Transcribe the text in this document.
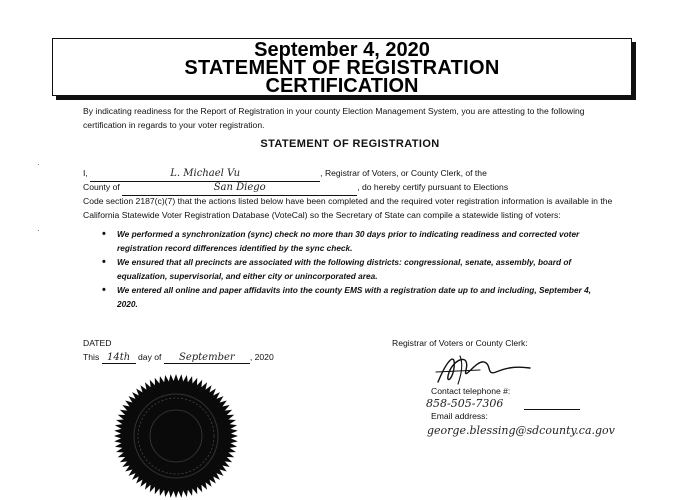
September 4, 2020
STATEMENT OF REGISTRATION
CERTIFICATION
By indicating readiness for the Report of Registration in your county Election Management System, you are attesting to the following certification in regards to your voter registration.
STATEMENT OF REGISTRATION
I,	L. Michael Vu	, Registrar of Voters, or County Clerk, of the
County of	San Diego	, do hereby certify pursuant to Elections
Code section 2187(c)(7) that the actions listed below have been completed and the required voter registration information is available in the California Statewide Voter Registration Database (VoteCal) so the Secretary of State can compile a statewide listing of voters:
• We performed a synchronization (sync) check no more than 30 days prior to indicating readiness and corrected voter registration record differences identified by the sync check.
• We ensured that all precincts are associated with the following districts: congressional, senate, assembly, board of equalization, supervisorial, and either city or unincorporated area.
• We entered all online and paper affidavits into the county EMS with a registration date up to and including, September 4, 2020.
DATED
This 14th day of September , 2020
Registrar of Voters or County Clerk:
Contact telephone #:
858-505-7306
Email address:
george.blessing@sdcounty.ca.gov
·
·
